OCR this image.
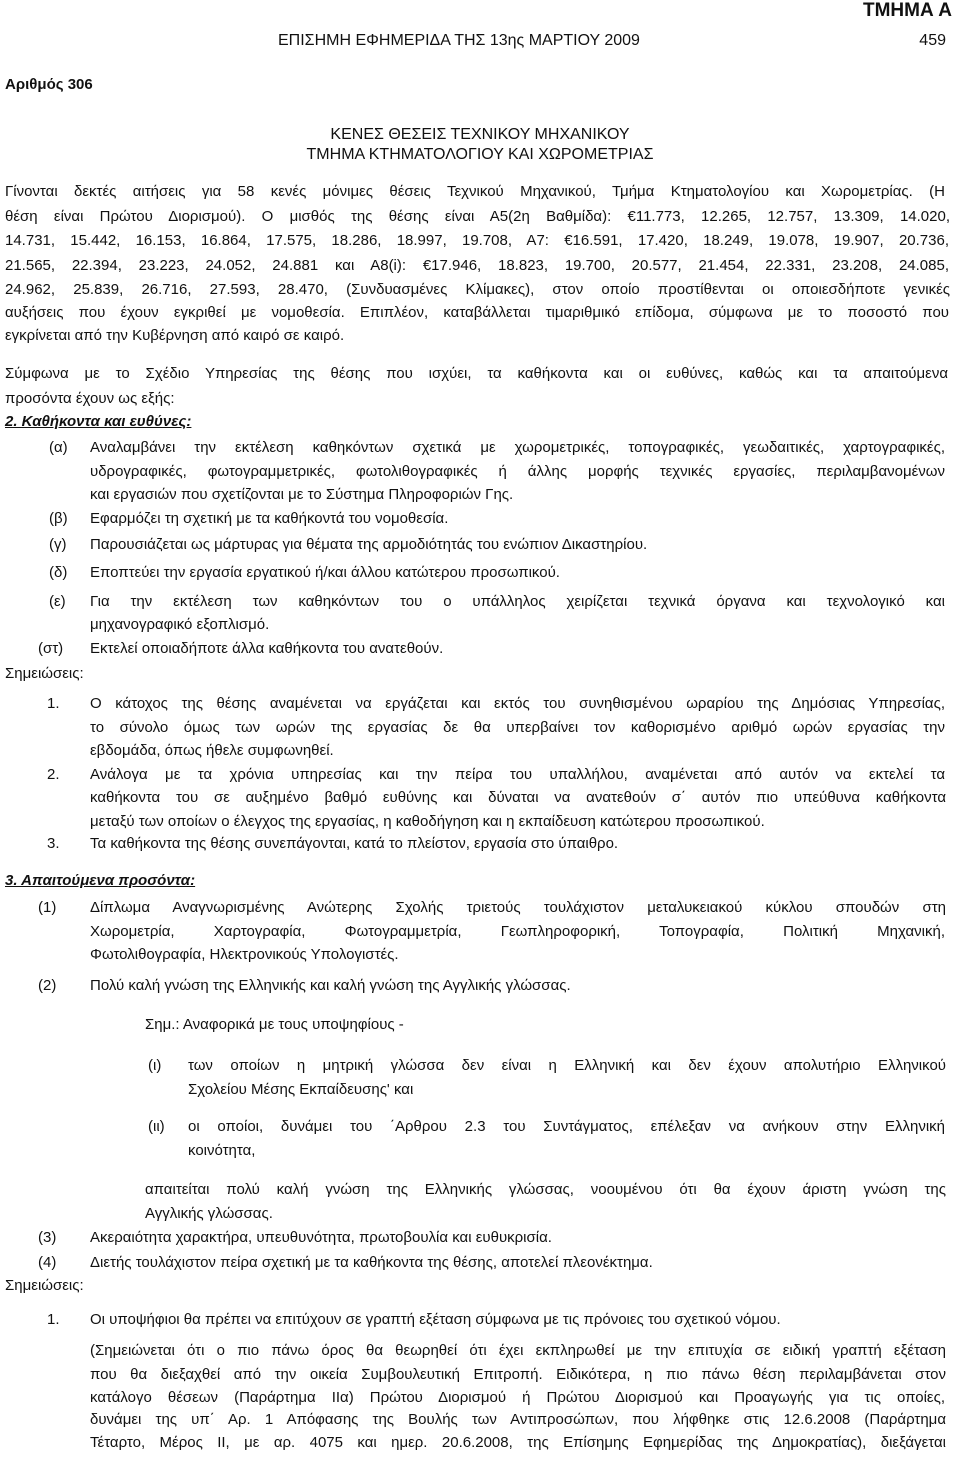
ΤΜΗΜΑ Α
ΕΠΙΣΗΜΗ ΕΦΗΜΕΡΙΔΑ ΤΗΣ 13ης ΜΑΡΤΙΟΥ 2009	459
Αριθμός 306
ΚΕΝΕΣ ΘΕΣΕΙΣ ΤΕΧΝΙΚΟΥ ΜΗΧΑΝΙΚΟΥ
ΤΜΗΜΑ ΚΤΗΜΑΤΟΛΟΓΙΟΥ ΚΑΙ ΧΩΡΟΜΕΤΡΙΑΣ
Γίνονται δεκτές αιτήσεις για 58 κενές μόνιμες θέσεις Τεχνικού Μηχανικού, Τμήμα Κτηματολογίου και Χωρομετρίας. (Η
θέση είναι Πρώτου Διορισμού). Ο μισθός της θέσης είναι Α5(2η Βαθμίδα): €11.773, 12.265, 12.757, 13.309, 14.020,
14.731, 15.442, 16.153, 16.864, 17.575, 18.286, 18.997, 19.708, Α7: €16.591, 17.420, 18.249, 19.078, 19.907, 20.736,
21.565, 22.394, 23.223, 24.052, 24.881 και Α8(i): €17.946, 18.823, 19.700, 20.577, 21.454, 22.331, 23.208, 24.085,
24.962, 25.839, 26.716, 27.593, 28.470, (Συνδυασμένες Κλίμακες), στον οποίο προστίθενται οι οποιεσδήποτε γενικές
αυξήσεις που έχουν εγκριθεί με νομοθεσία. Επιπλέον, καταβάλλεται τιμαριθμικό επίδομα, σύμφωνα με το ποσοστό που
εγκρίνεται από την Κυβέρνηση από καιρό σε καιρό.
Σύμφωνα με το Σχέδιο Υπηρεσίας της θέσης που ισχύει, τα καθήκοντα και οι ευθύνες, καθώς και τα απαιτούμενα
προσόντα έχουν ως εξής:
2. Καθήκοντα και ευθύνες:
(α) Αναλαμβάνει την εκτέλεση καθηκόντων σχετικά με χωρομετρικές, τοπογραφικές, γεωδαιτικές, χαρτογραφικές,
υδρογραφικές, φωτογραμμετρικές, φωτολιθογραφικές ή άλλης μορφής τεχνικές εργασίες, περιλαμβανομένων
και εργασιών που σχετίζονται με το Σύστημα Πληροφοριών Γης.
(β) Εφαρμόζει τη σχετική με τα καθήκοντά του νομοθεσία.
(γ) Παρουσιάζεται ως μάρτυρας για θέματα της αρμοδιότητάς του ενώπιον Δικαστηρίου.
(δ) Εποπτεύει την εργασία εργατικού ή/και άλλου κατώτερου προσωπικού.
(ε) Για την εκτέλεση των καθηκόντων του ο υπάλληλος χειρίζεται τεχνικά όργανα και τεχνολογικό και
μηχανογραφικό εξοπλισμό.
(στ) Εκτελεί οποιαδήποτε άλλα καθήκοντα του ανατεθούν.
Σημειώσεις:
1. Ο κάτοχος της θέσης αναμένεται να εργάζεται και εκτός του συνηθισμένου ωραρίου της Δημόσιας Υπηρεσίας,
το σύνολο όμως των ωρών της εργασίας δε θα υπερβαίνει τον καθορισμένο αριθμό ωρών εργασίας την
εβδομάδα, όπως ήθελε συμφωνηθεί.
2. Ανάλογα με τα χρόνια υπηρεσίας και την πείρα του υπαλλήλου, αναμένεται από αυτόν να εκτελεί τα
καθήκοντα του σε αυξημένο βαθμό ευθύνης και δύναται να ανατεθούν σ΄ αυτόν πιο υπεύθυνα καθήκοντα
μεταξύ των οποίων ο έλεγχος της εργασίας, η καθοδήγηση και η εκπαίδευση κατώτερου προσωπικού.
3. Τα καθήκοντα της θέσης συνεπάγονται, κατά το πλείστον, εργασία στο ύπαιθρο.
3. Απαιτούμενα προσόντα:
(1) Δίπλωμα Αναγνωρισμένης Ανώτερης Σχολής τριετούς τουλάχιστον μεταλυκειακού κύκλου σπουδών στη
Χωρομετρία, Χαρτογραφία, Φωτογραμμετρία, Γεωπληροφορική, Τοπογραφία, Πολιτική Μηχανική,
Φωτολιθογραφία, Ηλεκτρονικούς Υπολογιστές.
(2) Πολύ καλή γνώση της Ελληνικής και καλή γνώση της Αγγλικής γλώσσας.
Σημ.: Αναφορικά με τους υποψηφίους -
(ι) των οποίων η μητρική γλώσσα δεν είναι η Ελληνική και δεν έχουν απολυτήριο Ελληνικού
Σχολείου Μέσης Εκπαίδευσης' και
(ιι) οι οποίοι, δυνάμει του ΄Αρθρου 2.3 του Συντάγματος, επέλεξαν να ανήκουν στην Ελληνική
κοινότητα,
απαιτείται πολύ καλή γνώση της Ελληνικής γλώσσας, νοουμένου ότι θα έχουν άριστη γνώση της
Αγγλικής γλώσσας.
(3) Ακεραιότητα χαρακτήρα, υπευθυνότητα, πρωτοβουλία και ευθυκρισία.
(4) Διετής τουλάχιστον πείρα σχετική με τα καθήκοντα της θέσης, αποτελεί πλεονέκτημα.
Σημειώσεις:
1. Οι υποψήφιοι θα πρέπει να επιτύχουν σε γραπτή εξέταση σύμφωνα με τις πρόνοιες του σχετικού νόμου.
(Σημειώνεται ότι ο πιο πάνω όρος θα θεωρηθεί ότι έχει εκπληρωθεί με την επιτυχία σε ειδική γραπτή εξέταση
που θα διεξαχθεί από την οικεία Συμβουλευτική Επιτροπή. Ειδικότερα, η πιο πάνω θέση περιλαμβάνεται στον
κατάλογο θέσεων (Παράρτημα ΙΙα) Πρώτου Διορισμού ή Πρώτου Διορισμού και Προαγωγής για τις οποίες,
δυνάμει της υπ΄ Αρ. 1 Απόφασης της Βουλής των Αντιπροσώπων, που λήφθηκε στις 12.6.2008 (Παράρτημα
Τέταρτο, Μέρος ΙΙ, με αρ. 4075 και ημερ. 20.6.2008, της Επίσημης Εφημερίδας της Δημοκρατίας), διεξάγεται
